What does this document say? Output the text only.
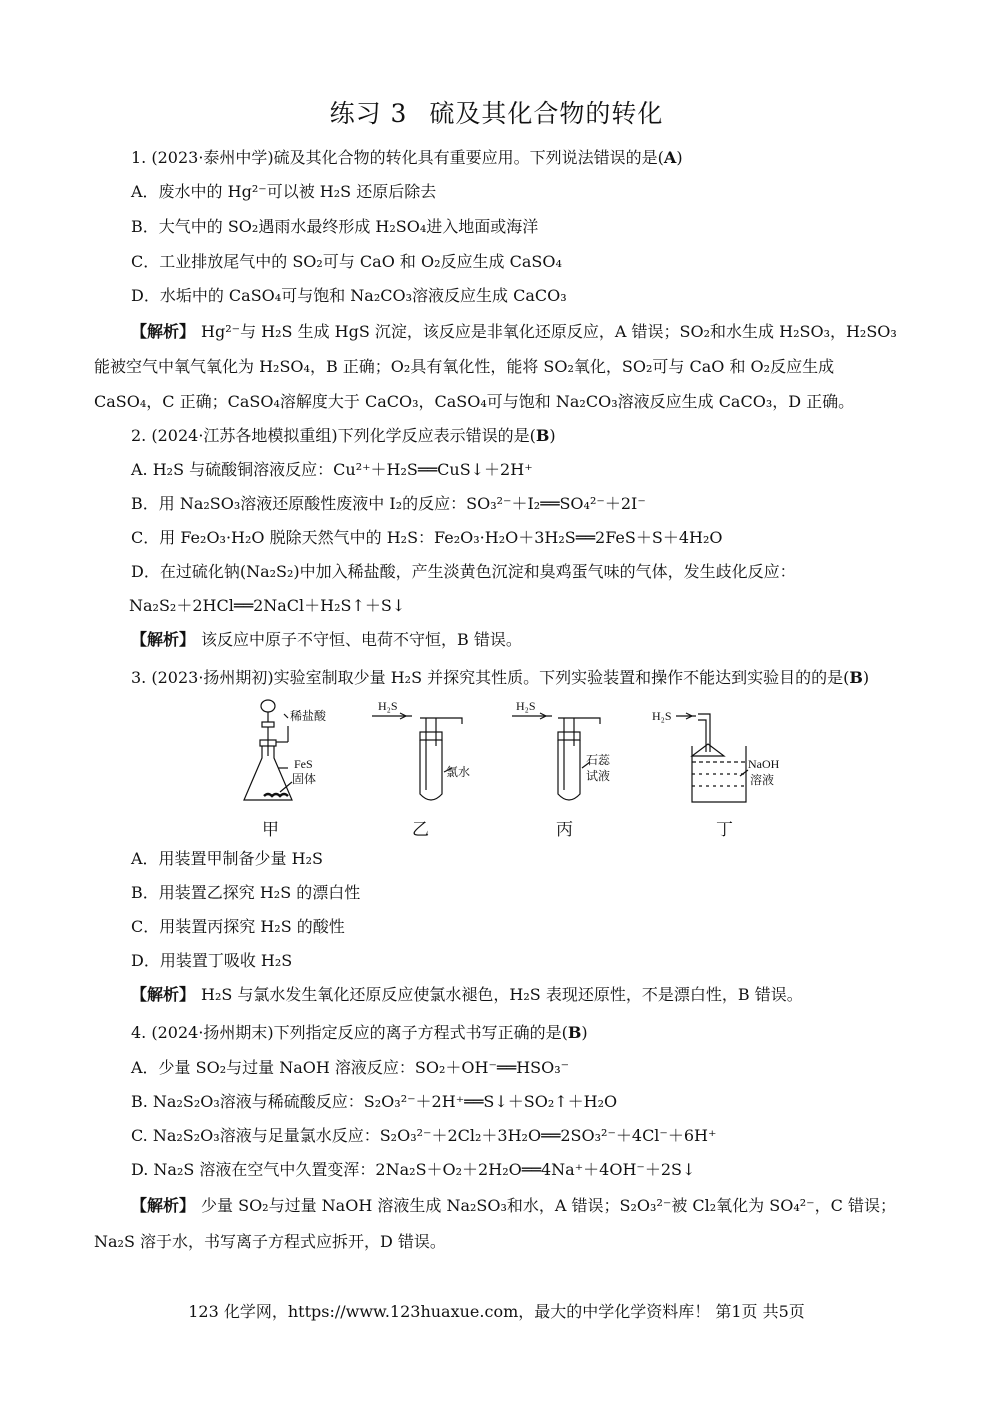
练习 3 硫及其化合物的转化
1. (2023·泰州中学)硫及其化合物的转化具有重要应用。下列说法错误的是(A)
A．废水中的 Hg²⁻可以被 H₂S 还原后除去
B．大气中的 SO₂遇雨水最终形成 H₂SO₄进入地面或海洋
C．工业排放尾气中的 SO₂可与 CaO 和 O₂反应生成 CaSO₄
D．水垢中的 CaSO₄可与饱和 Na₂CO₃溶液反应生成 CaCO₃
【解析】 Hg²⁻与 H₂S 生成 HgS 沉淀，该反应是非氧化还原反应，A 错误；SO₂和水生成 H₂SO₃，H₂SO₃
能被空气中氧气氧化为 H₂SO₄，B 正确；O₂具有氧化性，能将 SO₂氧化，SO₂可与 CaO 和 O₂反应生成
CaSO₄，C 正确；CaSO₄溶解度大于 CaCO₃，CaSO₄可与饱和 Na₂CO₃溶液反应生成 CaCO₃，D 正确。
2. (2024·江苏各地模拟重组)下列化学反应表示错误的是(B)
A. H₂S 与硫酸铜溶液反应：Cu²⁺＋H₂S══CuS↓＋2H⁺
B．用 Na₂SO₃溶液还原酸性废液中 I₂的反应：SO₃²⁻＋I₂══SO₄²⁻＋2I⁻
C．用 Fe₂O₃·H₂O 脱除天然气中的 H₂S：Fe₂O₃·H₂O＋3H₂S══2FeS＋S＋4H₂O
D．在过硫化钠(Na₂S₂)中加入稀盐酸，产生淡黄色沉淀和臭鸡蛋气味的气体，发生歧化反应：
Na₂S₂＋2HCl══2NaCl＋H₂S↑＋S↓
【解析】 该反应中原子不守恒、电荷不守恒，B 错误。
3. (2023·扬州期初)实验室制取少量 H₂S 并探究其性质。下列实验装置和操作不能达到实验目的的是(B)
稀盐酸
FeS
固体
H₂S
氯水
H₂S
石蕊
试液
H₂S
NaOH
溶液
甲	乙	丙	丁
A．用装置甲制备少量 H₂S
B．用装置乙探究 H₂S 的漂白性
C．用装置丙探究 H₂S 的酸性
D．用装置丁吸收 H₂S
【解析】 H₂S 与氯水发生氧化还原反应使氯水褪色，H₂S 表现还原性，不是漂白性，B 错误。
4. (2024·扬州期末)下列指定反应的离子方程式书写正确的是(B)
A．少量 SO₂与过量 NaOH 溶液反应：SO₂＋OH⁻══HSO₃⁻
B. Na₂S₂O₃溶液与稀硫酸反应：S₂O₃²⁻＋2H⁺══S↓＋SO₂↑＋H₂O
C. Na₂S₂O₃溶液与足量氯水反应：S₂O₃²⁻＋2Cl₂＋3H₂O══2SO₃²⁻＋4Cl⁻＋6H⁺
D. Na₂S 溶液在空气中久置变浑：2Na₂S＋O₂＋2H₂O══4Na⁺＋4OH⁻＋2S↓
【解析】 少量 SO₂与过量 NaOH 溶液生成 Na₂SO₃和水，A 错误；S₂O₃²⁻被 Cl₂氧化为 SO₄²⁻，C 错误；
Na₂S 溶于水，书写离子方程式应拆开，D 错误。
123 化学网，https://www.123huaxue.com，最大的中学化学资料库！ 第1页 共5页
